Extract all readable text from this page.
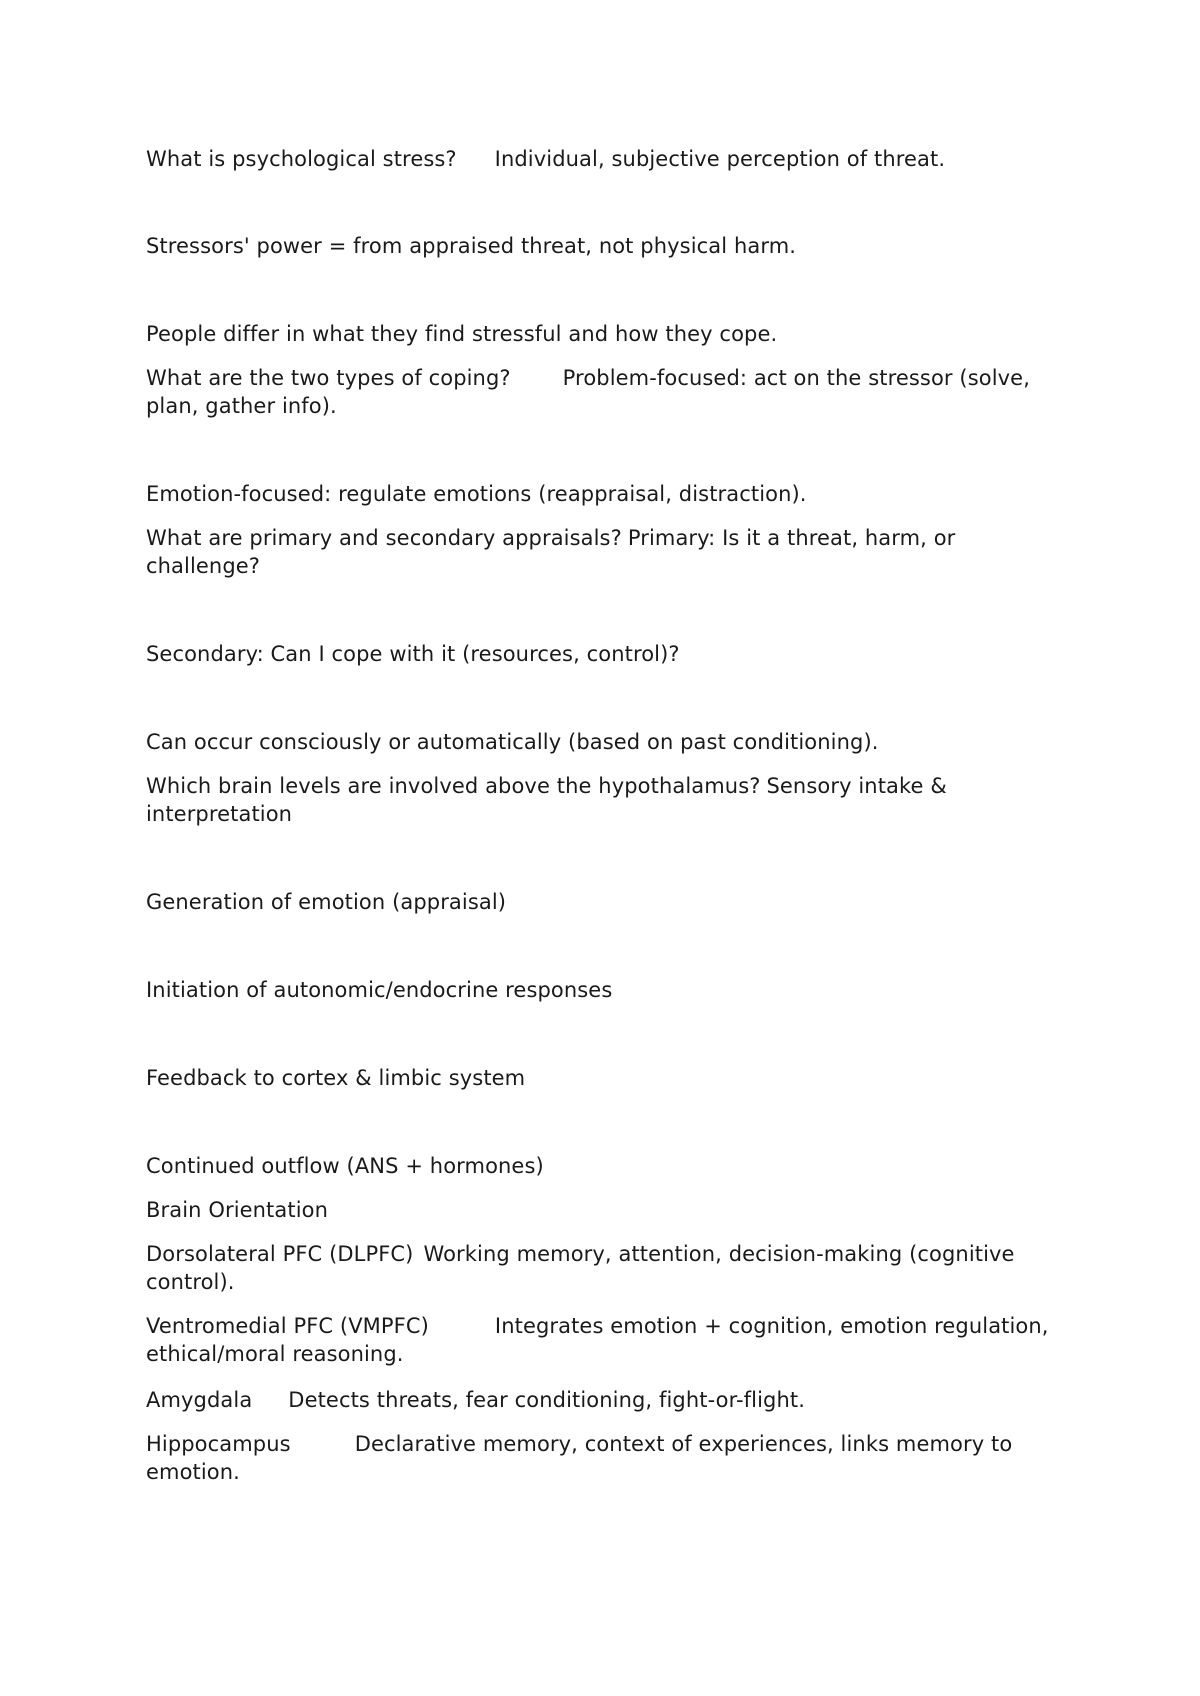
What is psychological stress? Individual, subjective perception of threat.
Stressors' power = from appraised threat, not physical harm.
People differ in what they find stressful and how they cope.
What are the two types of coping? Problem-focused: act on the stressor (solve, plan, gather info).
Emotion-focused: regulate emotions (reappraisal, distraction).
What are primary and secondary appraisals? Primary: Is it a threat, harm, or challenge?
Secondary: Can I cope with it (resources, control)?
Can occur consciously or automatically (based on past conditioning).
Which brain levels are involved above the hypothalamus? Sensory intake & interpretation
Generation of emotion (appraisal)
Initiation of autonomic/endocrine responses
Feedback to cortex & limbic system
Continued outflow (ANS + hormones)
Brain Orientation
Dorsolateral PFC (DLPFC) Working memory, attention, decision-making (cognitive control).
Ventromedial PFC (VMPFC)	Integrates emotion + cognition, emotion regulation, ethical/moral reasoning.
Amygdala Detects threats, fear conditioning, fight-or-flight.
Hippocampus	Declarative memory, context of experiences, links memory to emotion.
